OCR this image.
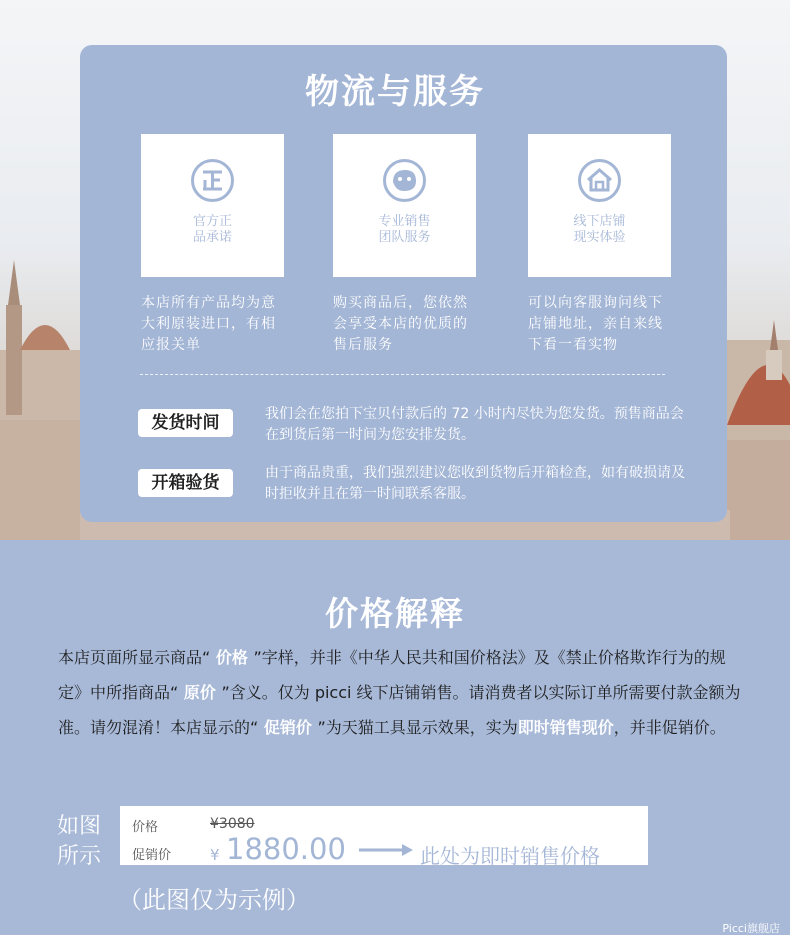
物流与服务
官方正
品承诺
本店所有产品均为意大利原装进口，有相应报关单
专业销售
团队服务
购买商品后，您依然会享受本店的优质的售后服务
线下店铺
现实体验
可以向客服询问线下店铺地址，亲自来线下看一看实物
发货时间	我们会在您拍下宝贝付款后的 72 小时内尽快为您发货。预售商品会在到货后第一时间为您安排发货。
开箱验货	由于商品贵重，我们强烈建议您收到货物后开箱检查，如有破损请及时拒收并且在第一时间联系客服。
价格解释
本店页面所显示商品“ 价格 ”字样，并非《中华人民共和国价格法》及《禁止价格欺诈行为的规定》中所指商品“ 原价 ”含义。仅为 picci 线下店铺销售。请消费者以实际订单所需要付款金额为准。请勿混淆！本店显示的“ 促销价 ”为天猫工具显示效果，实为即时销售现价，并非促销价。
如图
所示
价格	¥3080
促销价	¥ 1880.00	此处为即时销售价格
（此图仅为示例）
Picci旗舰店
